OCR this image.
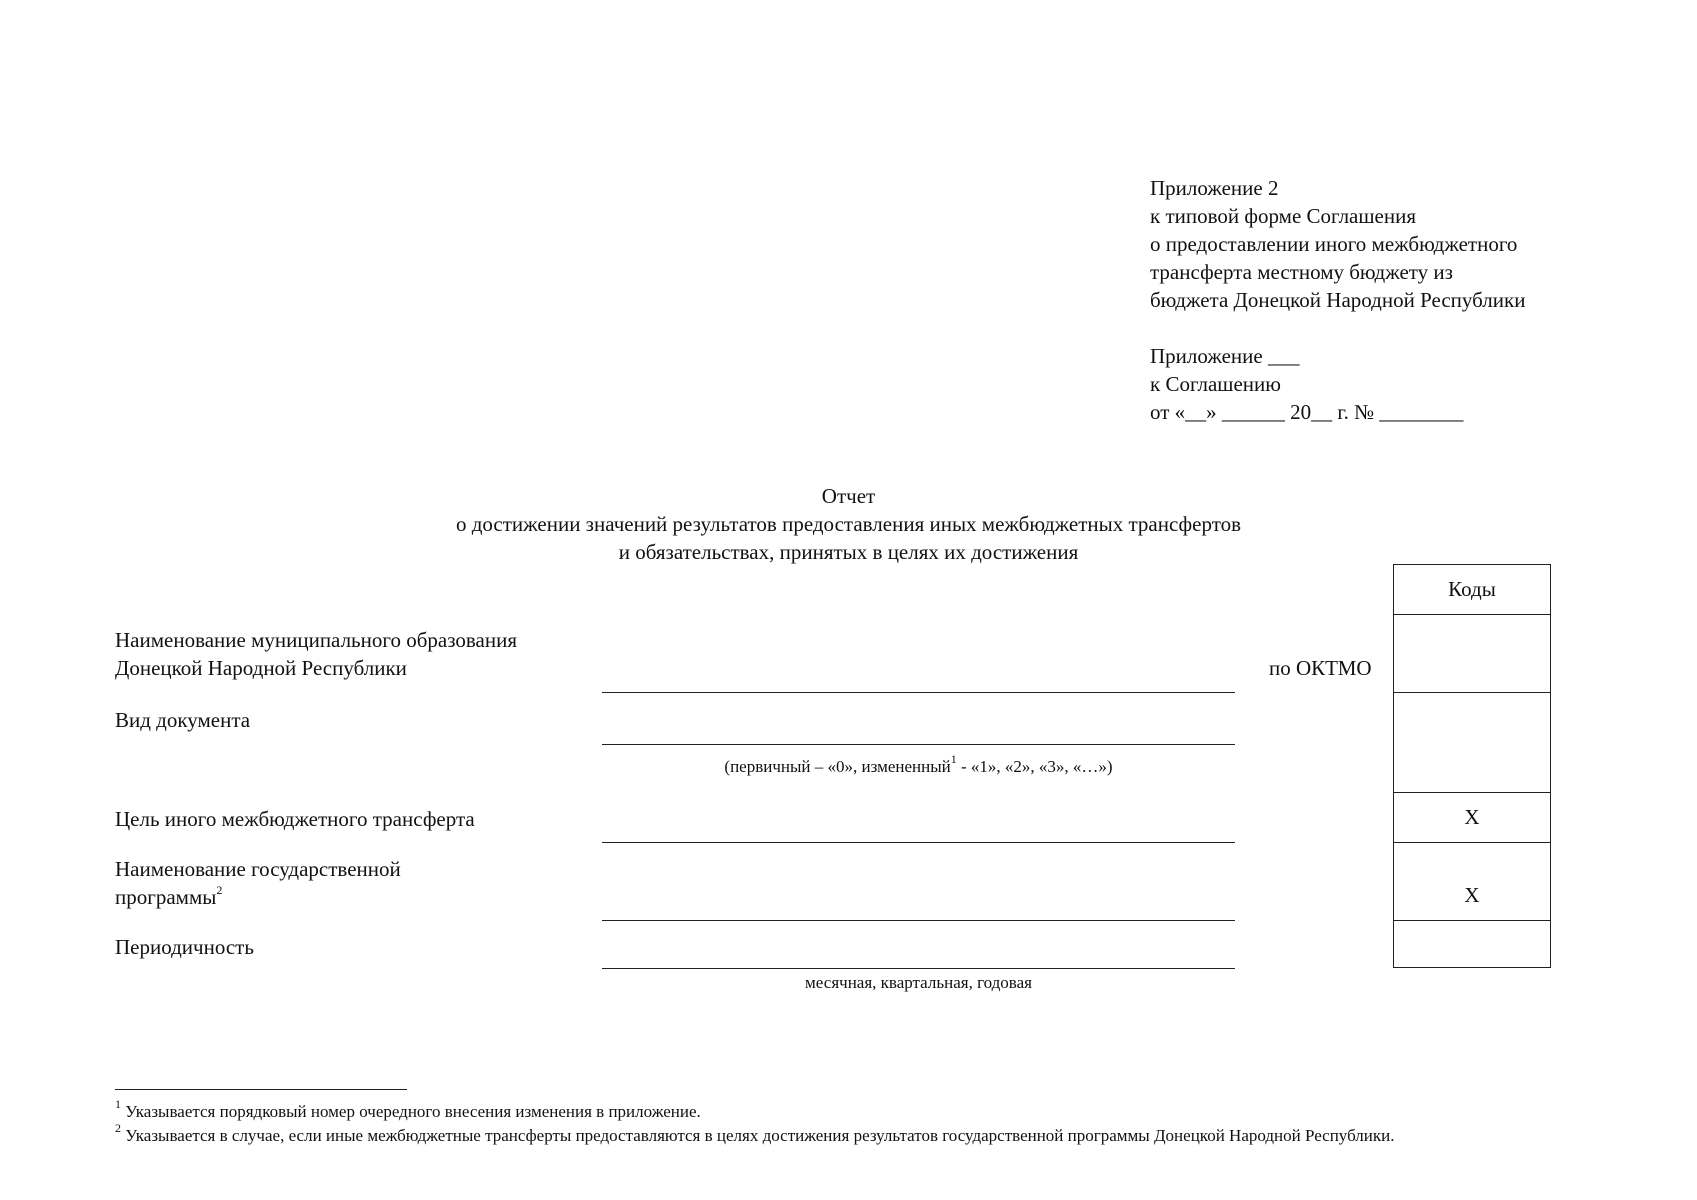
Приложение 2
к типовой форме Соглашения
о предоставлении иного межбюджетного
трансферта местному бюджету из
бюджета Донецкой Народной Республики
Приложение ___
к Соглашению
от «__» ______ 20__ г. № ________
Отчет
о достижении значений результатов предоставления иных межбюджетных трансфертов
и обязательствах, принятых в целях их достижения
Наименование муниципального образования
Донецкой Народной Республики	по ОКТМО
Вид документа
(первичный – «0», измененный$^1$ - «1», «2», «3», «…»)
Цель иного межбюджетного трансферта
Наименование государственной
программы$^2$
Периодичность
месячная, квартальная, годовая
Коды
X
X
$^1$ Указывается порядковый номер очередного внесения изменения в приложение.
$^2$ Указывается в случае, если иные межбюджетные трансферты предоставляются в целях достижения результатов государственной программы Донецкой Народной Республики.
